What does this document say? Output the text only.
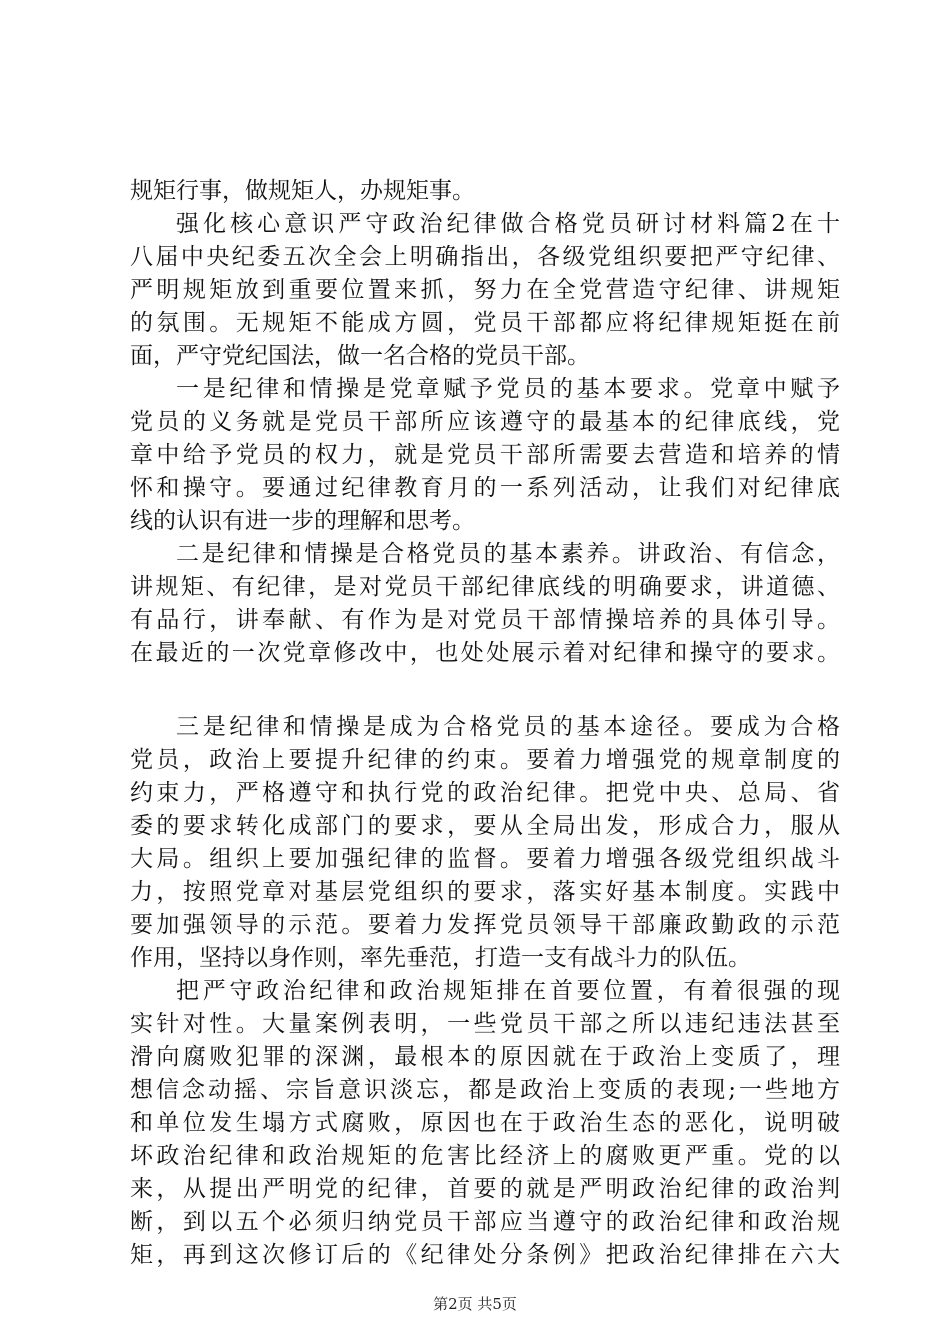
规矩行事，做规矩人，办规矩事。
强化核心意识严守政治纪律做合格党员研讨材料篇2在十
八届中央纪委五次全会上明确指出，各级党组织要把严守纪律、
严明规矩放到重要位置来抓，努力在全党营造守纪律、讲规矩
的氛围。无规矩不能成方圆，党员干部都应将纪律规矩挺在前
面，严守党纪国法，做一名合格的党员干部。
一是纪律和情操是党章赋予党员的基本要求。党章中赋予
党员的义务就是党员干部所应该遵守的最基本的纪律底线，党
章中给予党员的权力，就是党员干部所需要去营造和培养的情
怀和操守。要通过纪律教育月的一系列活动，让我们对纪律底
线的认识有进一步的理解和思考。
二是纪律和情操是合格党员的基本素养。讲政治、有信念，
讲规矩、有纪律，是对党员干部纪律底线的明确要求，讲道德、
有品行，讲奉献、有作为是对党员干部情操培养的具体引导。
在最近的一次党章修改中，也处处展示着对纪律和操守的要求。
三是纪律和情操是成为合格党员的基本途径。要成为合格
党员，政治上要提升纪律的约束。要着力增强党的规章制度的
约束力，严格遵守和执行党的政治纪律。把党中央、总局、省
委的要求转化成部门的要求，要从全局出发，形成合力，服从
大局。组织上要加强纪律的监督。要着力增强各级党组织战斗
力，按照党章对基层党组织的要求，落实好基本制度。实践中
要加强领导的示范。要着力发挥党员领导干部廉政勤政的示范
作用，坚持以身作则，率先垂范，打造一支有战斗力的队伍。
把严守政治纪律和政治规矩排在首要位置，有着很强的现
实针对性。大量案例表明，一些党员干部之所以违纪违法甚至
滑向腐败犯罪的深渊，最根本的原因就在于政治上变质了，理
想信念动摇、宗旨意识淡忘，都是政治上变质的表现;一些地方
和单位发生塌方式腐败，原因也在于政治生态的恶化，说明破
坏政治纪律和政治规矩的危害比经济上的腐败更严重。党的以
来，从提出严明党的纪律，首要的就是严明政治纪律的政治判
断，到以五个必须归纳党员干部应当遵守的政治纪律和政治规
矩，再到这次修订后的《纪律处分条例》把政治纪律排在六大
第2页 共5页
